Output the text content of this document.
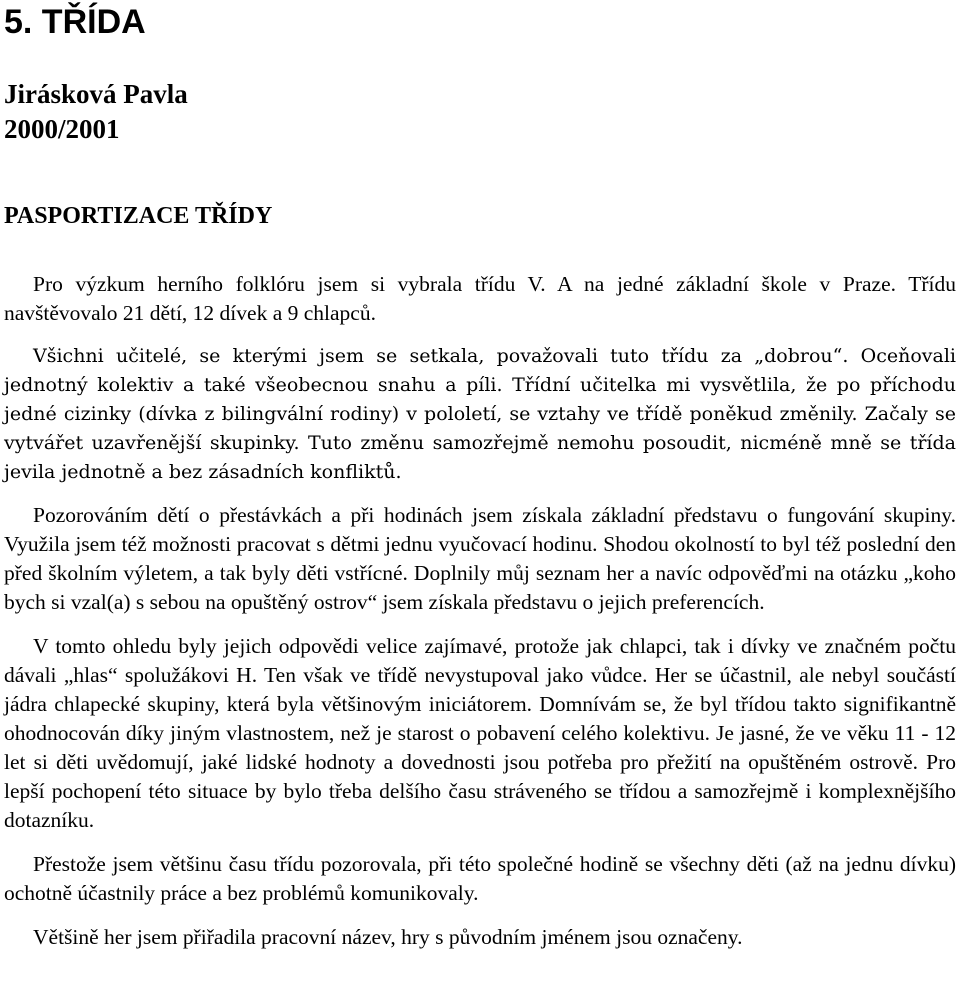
5. TŘÍDA
Jirásková Pavla
2000/2001
PASPORTIZACE TŘÍDY

Pro výzkum herního folklóru jsem si vybrala třídu V. A na jedné základní škole v Praze. Třídu navštěvovalo 21 dětí, 12 dívek a 9 chlapců.

Všichni učitelé, se kterými jsem se setkala, považovali tuto třídu za „dobrou“. Oceňovali jednotný kolektiv a také všeobecnou snahu a píli. Třídní učitelka mi vysvětlila, že po příchodu jedné cizinky (dívka z bilingvální rodiny) v pololetí, se vztahy ve třídě poněkud změnily. Začaly se vytvářet uzavřenější skupinky. Tuto změnu samozřejmě nemohu posoudit, nicméně mně se třída jevila jednotně a bez zásadních konfliktů.

Pozorováním dětí o přestávkách a při hodinách jsem získala základní představu o fungování skupiny. Využila jsem též možnosti pracovat s dětmi jednu vyučovací hodinu. Shodou okolností to byl též poslední den před školním výletem, a tak byly děti vstřícné. Doplnily můj seznam her a navíc odpověďmi na otázku „koho bych si vzal(a) s sebou na opuštěný ostrov“ jsem získala představu o jejich preferencích.

V tomto ohledu byly jejich odpovědi velice zajímavé, protože jak chlapci, tak i dívky ve značném počtu dávali „hlas“ spolužákovi H. Ten však ve třídě nevystupoval jako vůdce. Her se účastnil, ale nebyl součástí jádra chlapecké skupiny, která byla většinovým iniciátorem. Domnívám se, že byl třídou takto signifikantně ohodnocován díky jiným vlastnostem, než je starost o pobavení celého kolektivu. Je jasné, že ve věku 11 - 12 let si děti uvědomují, jaké lidské hodnoty a dovednosti jsou potřeba pro přežití na opuštěném ostrově. Pro lepší pochopení této situace by bylo třeba delšího času stráveného se třídou a samozřejmě i komplexnějšího dotazníku.

Přestože jsem většinu času třídu pozorovala, při této společné hodině se všechny děti (až na jednu dívku) ochotně účastnily práce a bez problémů komunikovaly.

Většině her jsem přiřadila pracovní název, hry s původním jménem jsou označeny.
